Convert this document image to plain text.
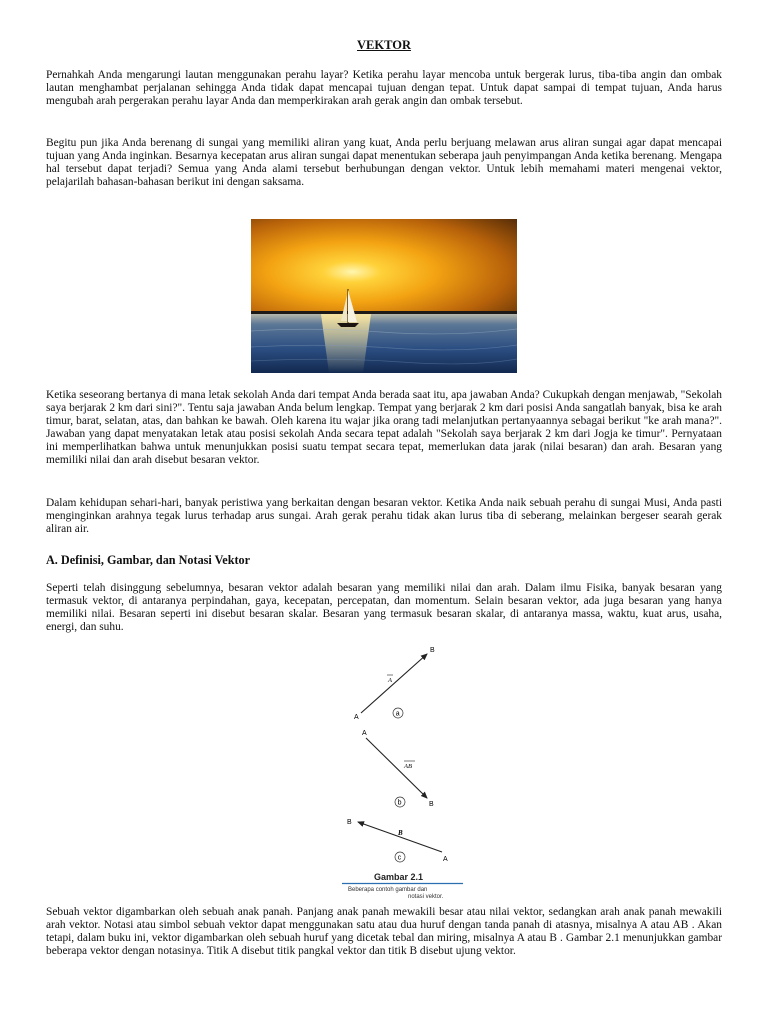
VEKTOR

Pernahkah Anda mengarungi lautan menggunakan perahu layar? Ketika perahu layar mencoba untuk bergerak lurus, tiba-tiba angin dan ombak lautan menghambat perjalanan sehingga Anda tidak dapat mencapai tujuan dengan tepat. Untuk dapat sampai di tempat tujuan, Anda harus mengubah arah pergerakan perahu layar Anda dan memperkirakan arah gerak angin dan ombak tersebut.

Begitu pun jika Anda berenang di sungai yang memiliki aliran yang kuat, Anda perlu berjuang melawan arus aliran sungai agar dapat mencapai tujuan yang Anda inginkan. Besarnya kecepatan arus aliran sungai dapat menentukan seberapa jauh penyimpangan Anda ketika berenang. Mengapa hal tersebut dapat terjadi? Semua yang Anda alami tersebut berhubungan dengan vektor. Untuk lebih memahami materi mengenai vektor, pelajarilah bahasan-bahasan berikut ini dengan saksama.

Ketika seseorang bertanya di mana letak sekolah Anda dari tempat Anda berada saat itu, apa jawaban Anda? Cukupkah dengan menjawab, "Sekolah saya berjarak 2 km dari sini?". Tentu saja jawaban Anda belum lengkap. Tempat yang berjarak 2 km dari posisi Anda sangatlah banyak, bisa ke arah timur, barat, selatan, atas, dan bahkan ke bawah. Oleh karena itu wajar jika orang tadi melanjutkan pertanyaannya sebagai berikut "ke arah mana?". Jawaban yang dapat menyatakan letak atau posisi sekolah Anda secara tepat adalah "Sekolah saya berjarak 2 km dari Jogja ke timur". Pernyataan ini memperlihatkan bahwa untuk menunjukkan posisi suatu tempat secara tepat, memerlukan data jarak (nilai besaran) dan arah. Besaran yang memiliki nilai dan arah disebut besaran vektor.

Dalam kehidupan sehari-hari, banyak peristiwa yang berkaitan dengan besaran vektor. Ketika Anda naik sebuah perahu di sungai Musi, Anda pasti menginginkan arahnya tegak lurus terhadap arus sungai. Arah gerak perahu tidak akan lurus tiba di seberang, melainkan bergeser searah gerak aliran air.

A. Definisi, Gambar, dan Notasi Vektor

Seperti telah disinggung sebelumnya, besaran vektor adalah besaran yang memiliki nilai dan arah. Dalam ilmu Fisika, banyak besaran yang termasuk vektor, di antaranya perpindahan, gaya, kecepatan, percepatan, dan momentum. Selain besaran vektor, ada juga besaran yang hanya memiliki nilai. Besaran seperti ini disebut besaran skalar. Besaran yang termasuk besaran skalar, di antaranya massa, waktu, kuat arus, usaha, energi, dan suhu.

A
B
A
a
A
B
AB
b
B
A
B
c
Gambar 2.1
Beberapa contoh gambar dan
notasi vektor.

Sebuah vektor digambarkan oleh sebuah anak panah. Panjang anak panah mewakili besar atau nilai vektor, sedangkan arah anak panah mewakili arah vektor. Notasi atau simbol sebuah vektor dapat menggunakan satu atau dua huruf dengan tanda panah di atasnya, misalnya A atau AB . Akan tetapi, dalam buku ini, vektor digambarkan oleh sebuah huruf yang dicetak tebal dan miring, misalnya A atau B . Gambar 2.1 menunjukkan gambar beberapa vektor dengan notasinya. Titik A disebut titik pangkal vektor dan titik B disebut ujung vektor.
